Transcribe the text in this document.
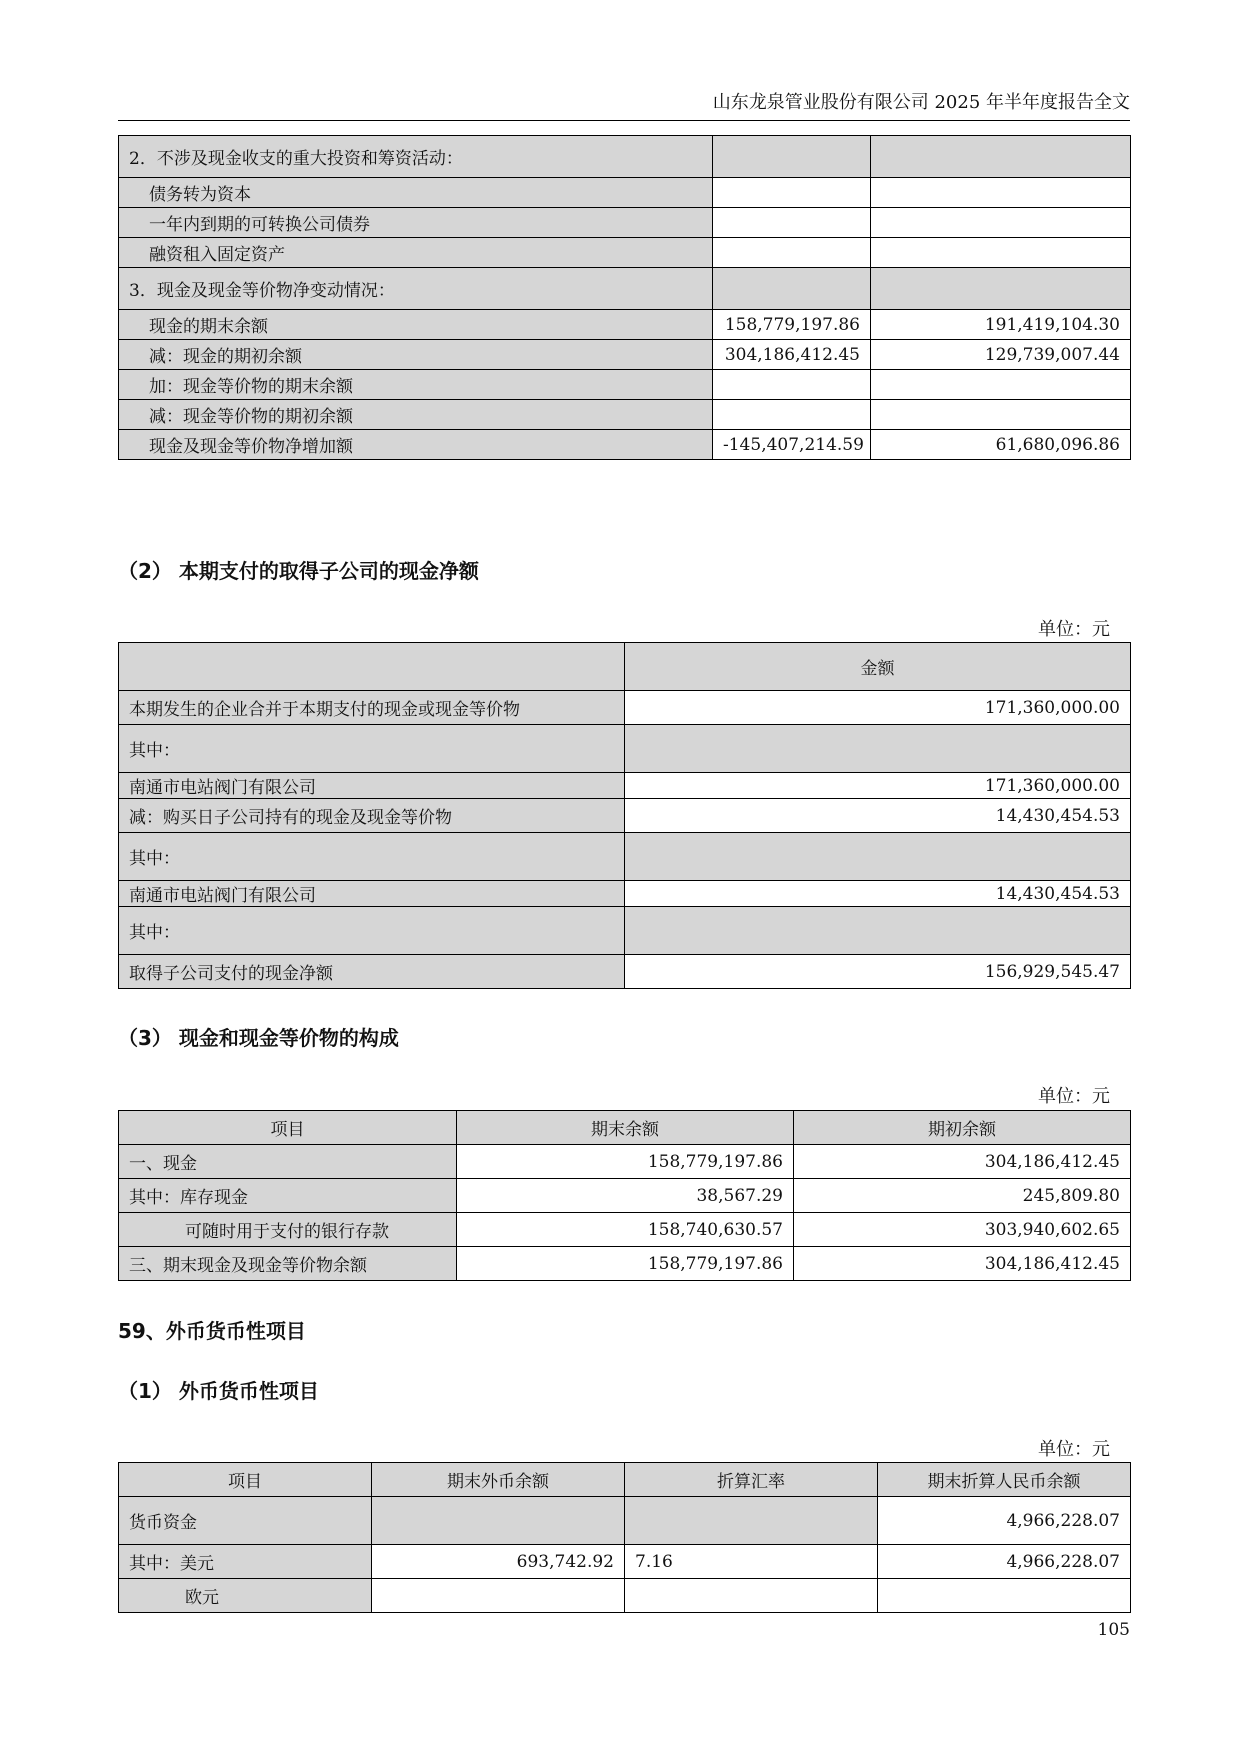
山东龙泉管业股份有限公司 2025 年半年度报告全文
2．不涉及现金收支的重大投资和筹资活动：		
债务转为资本		
一年内到期的可转换公司债券		
融资租入固定资产		
3．现金及现金等价物净变动情况：		
现金的期末余额	158,779,197.86	191,419,104.30
减：现金的期初余额	304,186,412.45	129,739,007.44
加：现金等价物的期末余额		
减：现金等价物的期初余额		
现金及现金等价物净增加额	-145,407,214.59	61,680,096.86
（2） 本期支付的取得子公司的现金净额
单位：元
	金额
本期发生的企业合并于本期支付的现金或现金等价物	171,360,000.00
其中：	
南通市电站阀门有限公司	171,360,000.00
减：购买日子公司持有的现金及现金等价物	14,430,454.53
其中：	
南通市电站阀门有限公司	14,430,454.53
其中：	
取得子公司支付的现金净额	156,929,545.47
（3） 现金和现金等价物的构成
单位：元
项目	期末余额	期初余额
一、现金	158,779,197.86	304,186,412.45
其中：库存现金	38,567.29	245,809.80
可随时用于支付的银行存款	158,740,630.57	303,940,602.65
三、期末现金及现金等价物余额	158,779,197.86	304,186,412.45
59、外币货币性项目
（1） 外币货币性项目
单位：元
项目	期末外币余额	折算汇率	期末折算人民币余额
货币资金			4,966,228.07
其中：美元	693,742.92	7.16	4,966,228.07
欧元			
105
